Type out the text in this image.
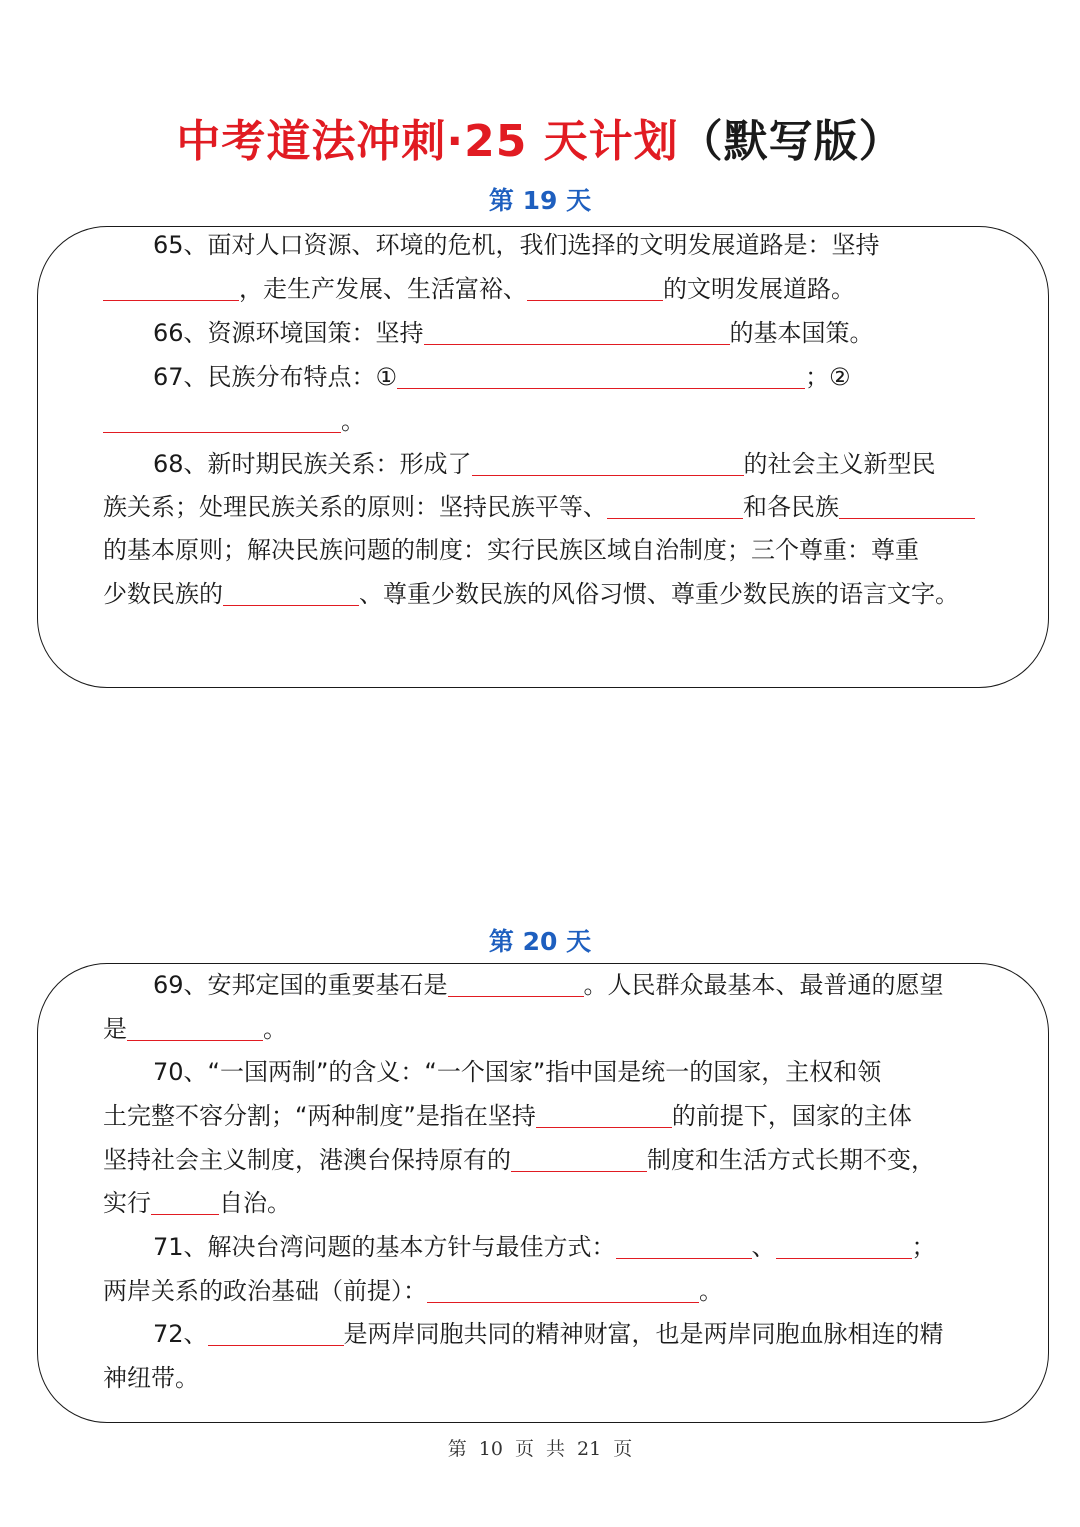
中考道法冲刺·25 天计划（默写版）
第 19 天
65、面对人口资源、环境的危机，我们选择的文明发展道路是：坚持
，走生产发展、生活富裕、	的文明发展道路。
66、资源环境国策：坚持	的基本国策。
67、民族分布特点：①	；②
。
68、新时期民族关系：形成了	的社会主义新型民
族关系；处理民族关系的原则：坚持民族平等、	和各民族
的基本原则；解决民族问题的制度：实行民族区域自治制度；三个尊重：尊重
少数民族的	、尊重少数民族的风俗习惯、尊重少数民族的语言文字。
第 20 天
69、安邦定国的重要基石是	。人民群众最基本、最普通的愿望
是	。
70、“一国两制”的含义：“一个国家”指中国是统一的国家，主权和领
土完整不容分割；“两种制度”是指在坚持	的前提下，国家的主体
坚持社会主义制度，港澳台保持原有的	制度和生活方式长期不变，
实行	自治。
71、解决台湾问题的基本方针与最佳方式：	、	；
两岸关系的政治基础（前提）：	。
72、	是两岸同胞共同的精神财富，也是两岸同胞血脉相连的精
神纽带。
第 10 页 共 21 页
